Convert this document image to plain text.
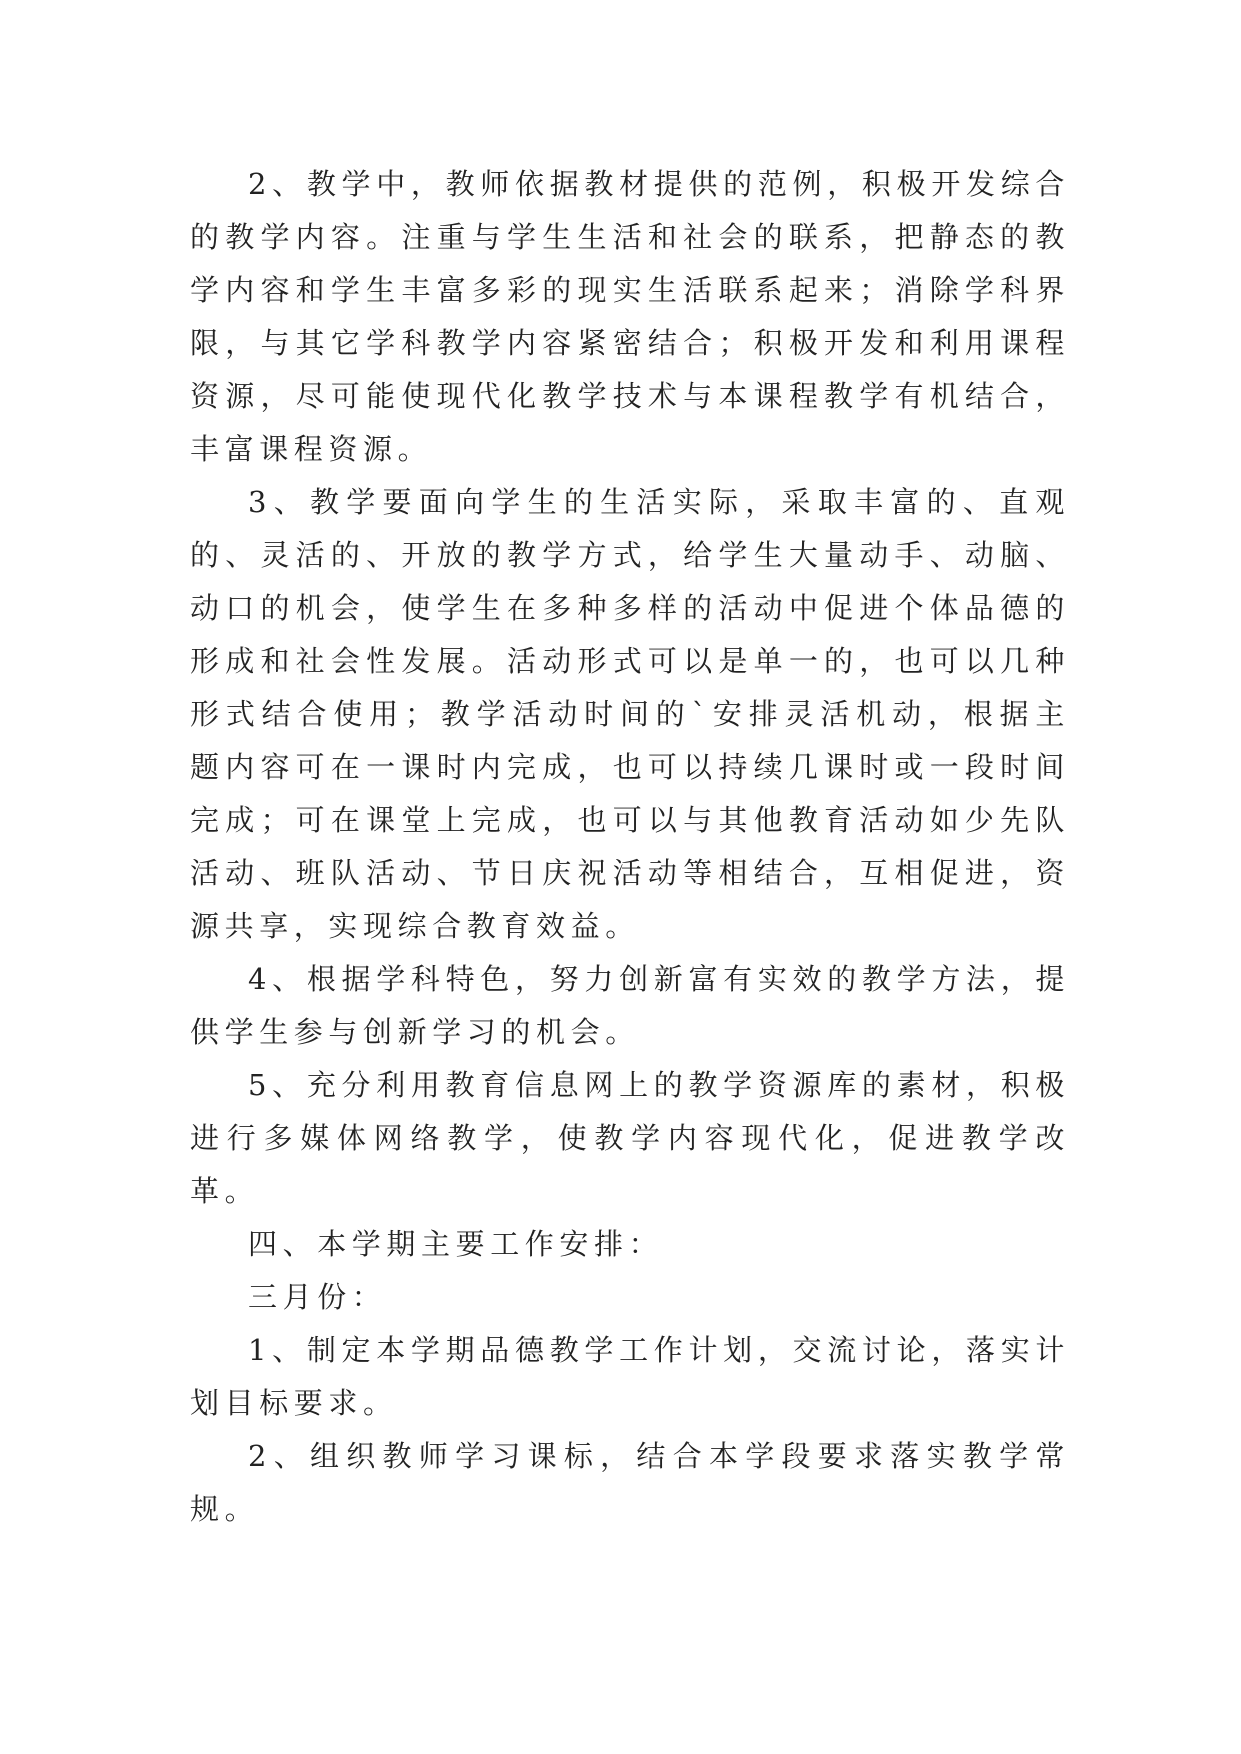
2、教学中，教师依据教材提供的范例，积极开发综合的教学内容。注重与学生生活和社会的联系，把静态的教学内容和学生丰富多彩的现实生活联系起来；消除学科界限，与其它学科教学内容紧密结合；积极开发和利用课程资源，尽可能使现代化教学技术与本课程教学有机结合，丰富课程资源。

3、教学要面向学生的生活实际，采取丰富的、直观的、灵活的、开放的教学方式，给学生大量动手、动脑、动口的机会，使学生在多种多样的活动中促进个体品德的形成和社会性发展。活动形式可以是单一的，也可以几种形式结合使用；教学活动时间的`安排灵活机动，根据主题内容可在一课时内完成，也可以持续几课时或一段时间完成；可在课堂上完成，也可以与其他教育活动如少先队活动、班队活动、节日庆祝活动等相结合，互相促进，资源共享，实现综合教育效益。

4、根据学科特色，努力创新富有实效的教学方法，提供学生参与创新学习的机会。

5、充分利用教育信息网上的教学资源库的素材，积极进行多媒体网络教学，使教学内容现代化，促进教学改革。

四、本学期主要工作安排：

三月份：

1、制定本学期品德教学工作计划，交流讨论，落实计划目标要求。

2、组织教师学习课标，结合本学段要求落实教学常规。
